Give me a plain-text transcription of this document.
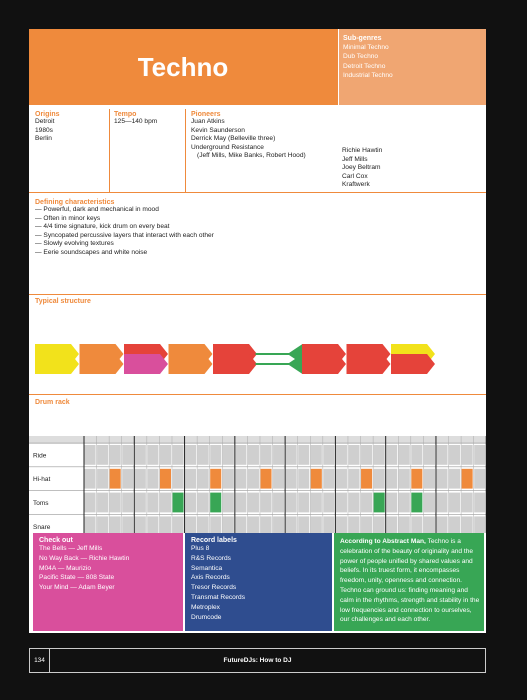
Techno
Sub-genres
Minimal Techno
Dub Techno
Detroit Techno
Industrial Techno
Origins
Detroit
1980s
Berlin
Tempo
125—140 bpm
Pioneers
Juan Atkins
Kevin Saunderson
Derrick May (Belleville three)
Underground Resistance
(Jeff Mills, Mike Banks, Robert Hood)
Richie Hawtin
Jeff Mills
Joey Beltram
Carl Cox
Kraftwerk
Defining characteristics
— Powerful, dark and mechanical in mood
— Often in minor keys
— 4/4 time signature, kick drum on every beat
— Syncopated percussive layers that interact with each other
— Slowly evolving textures
— Eerie soundscapes and white noise
Typical structure
Drum rack
Ride
Hi-hat
Toms
Snare
Check out
The Bells — Jeff Mills
No Way Back — Richie Hawtin
M04A — Maurizio
Pacific State — 808 State
Your Mind — Adam Beyer
Record labels
Plus 8
R&S Records
Semantica
Axis Records
Tresor Records
Transmat Records
Metroplex
Drumcode
According to Abstract Man, Techno is a celebration of the beauty of originality and the power of people unified by shared values and beliefs. In its truest form, it encompasses freedom, unity, openness and connection. Techno can ground us: finding meaning and calm in the rhythms, strength and stability in the low frequencies and connection to ourselves, our challenges and each other.
134	FutureDJs: How to DJ
